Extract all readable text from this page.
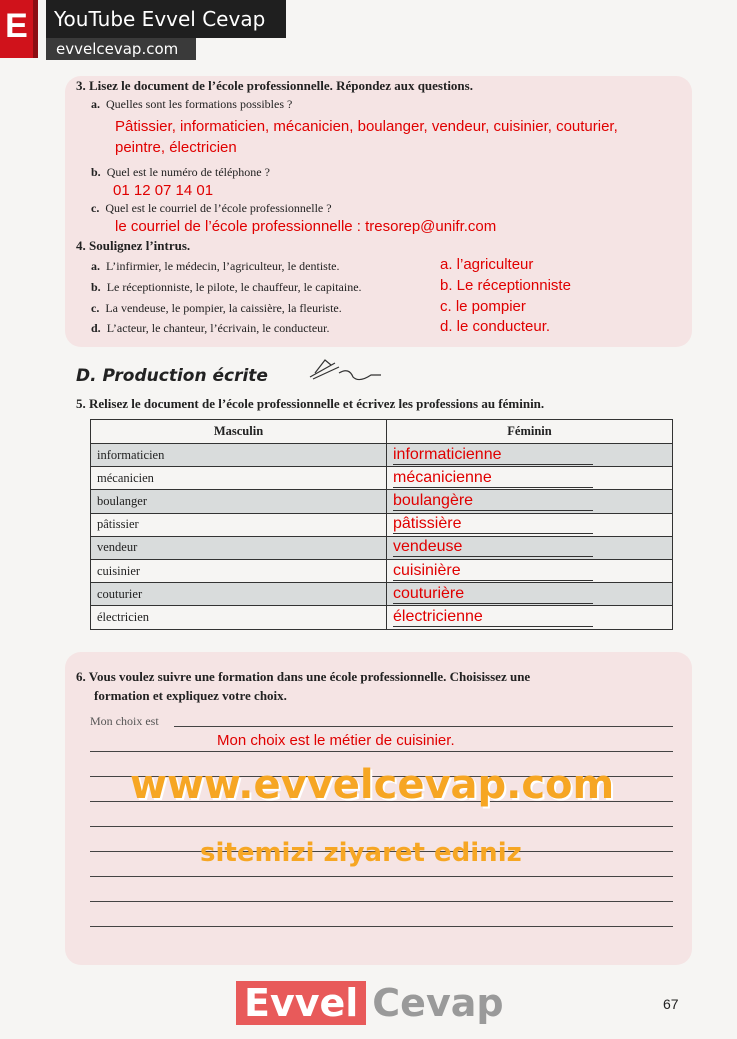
E	YouTube Evvel Cevap
evvelcevap.com
3. Lisez le document de l’école professionnelle. Répondez aux questions.
a. Quelles sont les formations possibles ?
Pâtissier, informaticien, mécanicien, boulanger, vendeur, cuisinier, couturier,
peintre, électricien
b. Quel est le numéro de téléphone ?
01 12 07 14 01
c. Quel est le courriel de l’école professionnelle ?
le courriel de l’école professionnelle : tresorep@unifr.com
4. Soulignez l’intrus.
a. L’infirmier, le médecin, l’agriculteur, le dentiste.
b. Le réceptionniste, le pilote, le chauffeur, le capitaine.
c. La vendeuse, le pompier, la caissière, la fleuriste.
d. L’acteur, le chanteur, l’écrivain, le conducteur.
a. l’agriculteur
b. Le réceptionniste
c. le pompier
d. le conducteur.
D. Production écrite
5. Relisez le document de l’école professionnelle et écrivez les professions au féminin.
Masculin	Féminin
informaticien	informaticienne
mécanicien	mécanicienne
boulanger	boulangère
pâtissier	pâtissière
vendeur	vendeuse
cuisinier	cuisinière
couturier	couturière
électricien	électricienne
6. Vous voulez suivre une formation dans une école professionnelle. Choisissez une
formation et expliquez votre choix.
Mon choix est
Mon choix est le métier de cuisinier.
www.evvelcevap.com
sitemizi ziyaret ediniz
Evvel Cevap	67
